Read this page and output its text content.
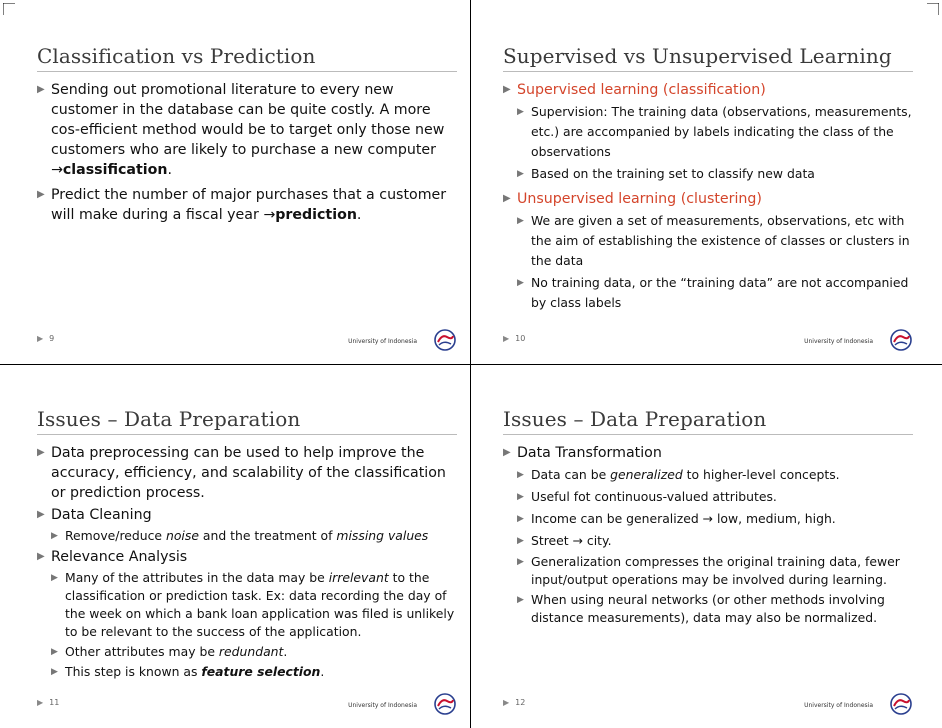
Classification vs Prediction
▶ Sending out promotional literature to every new customer in the database can be quite costly. A more cos-efficient method would be to target only those new customers who are likely to purchase a new computer →classification.
▶ Predict the number of major purchases that a customer will make during a fiscal year →prediction.
▶ 9	University of Indonesia
Supervised vs Unsupervised Learning
▶ Supervised learning (classification)
▶ Supervision: The training data (observations, measurements, etc.) are accompanied by labels indicating the class of the observations
▶ Based on the training set to classify new data
▶ Unsupervised learning (clustering)
▶ We are given a set of measurements, observations, etc with the aim of establishing the existence of classes or clusters in the data
▶ No training data, or the “training data” are not accompanied by class labels
▶ 10	University of Indonesia
Issues – Data Preparation
▶ Data preprocessing can be used to help improve the accuracy, efficiency, and scalability of the classification or prediction process.
▶ Data Cleaning
▶ Remove/reduce noise and the treatment of missing values
▶ Relevance Analysis
▶ Many of the attributes in the data may be irrelevant to the classification or prediction task. Ex: data recording the day of the week on which a bank loan application was filed is unlikely to be relevant to the success of the application.
▶ Other attributes may be redundant.
▶ This step is known as feature selection.
▶ 11	University of Indonesia
Issues – Data Preparation
▶ Data Transformation
▶ Data can be generalized to higher-level concepts.
▶ Useful fot continuous-valued attributes.
▶ Income can be generalized → low, medium, high.
▶ Street → city.
▶ Generalization compresses the original training data, fewer input/output operations may be involved during learning.
▶ When using neural networks (or other methods involving distance measurements), data may also be normalized.
▶ 12	University of Indonesia
